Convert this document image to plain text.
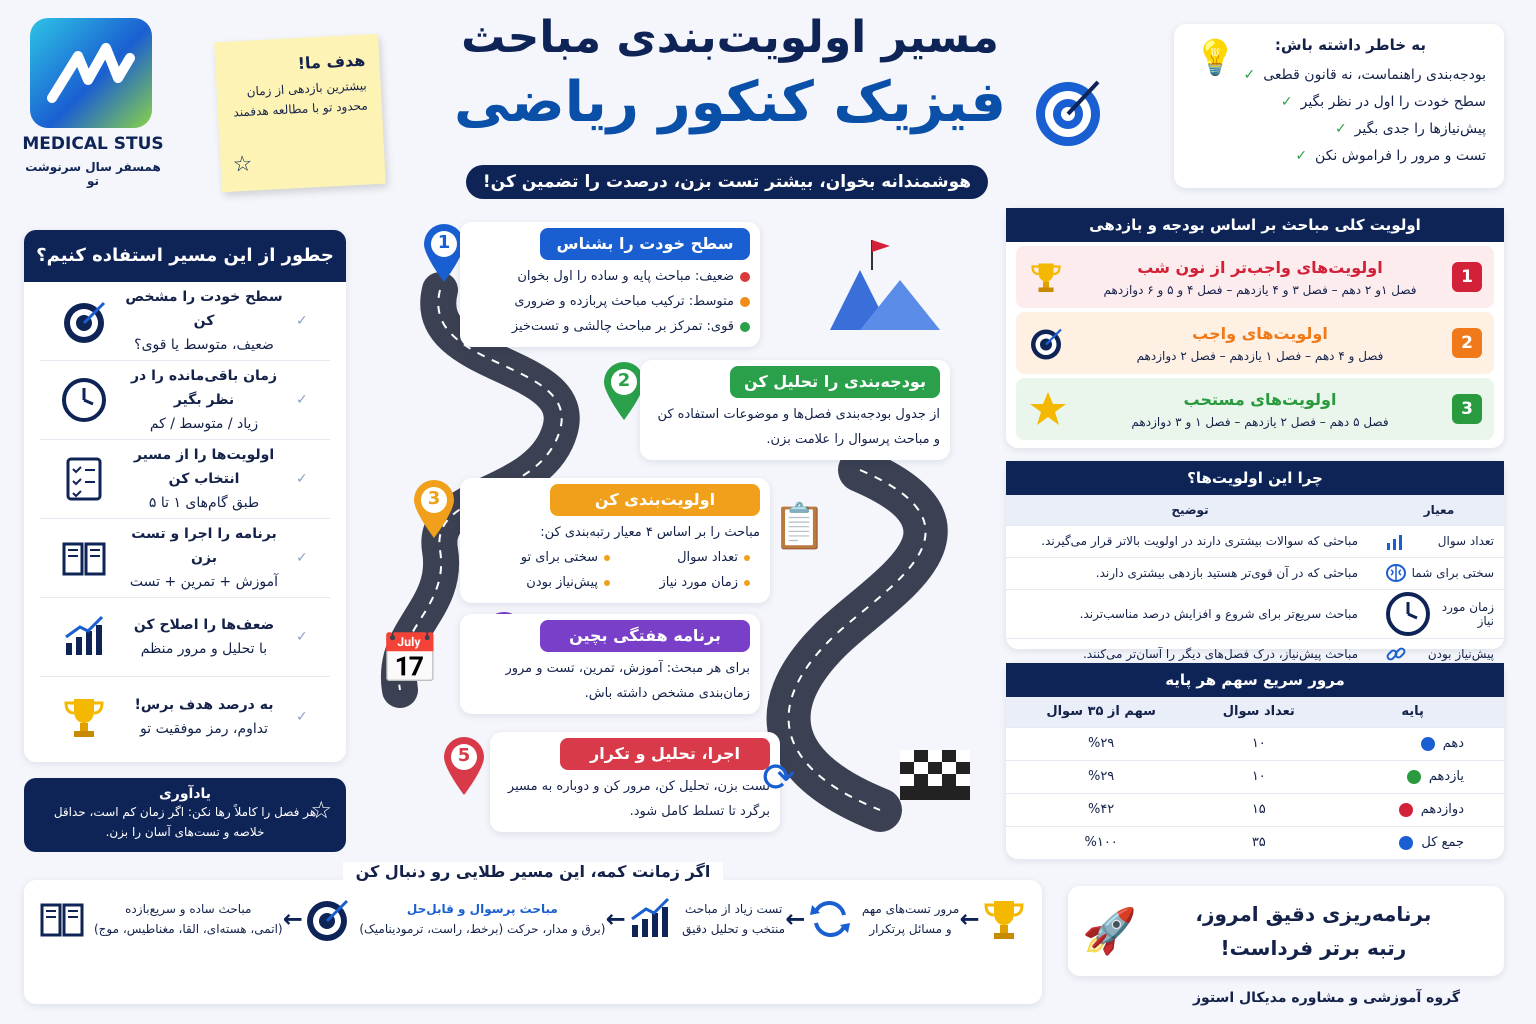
MEDICAL STUS
همسفر سال سرنوشت تو
هدف ما!
بیشترین بازدهی از زمان محدود تو با مطالعه هدفمند
☆
مسیر اولویت‌بندی مباحث
فیزیک کنکور ریاضی
هوشمندانه بخوان، بیشتر تست بزن، درصدت را تضمین کن!
به خاطر داشته باش:
💡 بودجه‌بندی راهنماست، نه قانون قطعی
✓
سطح خودت را اول در نظر بگیر
✓
پیش‌نیازها را جدی بگیر
✓
تست و مرور را فراموش نکن
✓
جطور از این مسیر استفاده کنیم؟
سطح خودت را مشخص کن
ضعیف، متوسط یا قوی؟
✓
زمان باقی‌مانده را در نظر بگیر
زیاد / متوسط / کم
✓
اولویت‌ها را از مسیر انتخاب کن
طبق گام‌های ۱ تا ۵
✓
برنامه را اجرا و تست بزن
آموزش + تمرین + تست
✓
ضعف‌ها را اصلاح کن
با تحلیل و مرور منظم
✓
به درصد هدف برس!
تداوم، رمز موفقیت تو
✓
یادآوری
هر فصل را کاملاً رها نکن: اگر زمان کم است، حداقل خلاصه و تست‌های آسان را بزن.
☆
1	سطح خودت را بشناس
ضعیف: مباحث پایه و ساده را اول بخوان
متوسط: ترکیب مباحث پربازده و ضروری
قوی: تمرکز بر مباحث چالشی و تست‌خیز
2	بودجه‌بندی را تحلیل کن
از جدول بودجه‌بندی فصل‌ها و موضوعات استفاده کن و مباحث پرسوال را علامت بزن.
3	اولویت‌بندی کن
مباحث را بر اساس ۴ معیار رتبه‌بندی کن:
تعداد سوال
سختی برای تو
زمان مورد نیاز
پیش‌نیاز بودن
برنامه هفتگی بچین
برای هر مبحث: آموزش، تمرین، تست و مرور زمان‌بندی مشخص داشته باش.
5	اجرا، تحلیل و تکرار
تست بزن، تحلیل کن، مرور کن و دوباره به مسیر برگرد تا تسلط کامل شود.
📋
📅
⟳
اولویت کلی مباحث بر اساس بودجه و بازدهی
اولویت‌های واجب‌تر از نون شب
فصل ۱و ۲ دهم – فصل ۳ و ۴ یازدهم – فصل ۴ و ۵ و ۶ دوازدهم
1
اولویت‌های واجب
فصل و ۴ دهم – فصل ۱ یازدهم – فصل ۲ دوازدهم
2
اولویت‌های مستحب
فصل ۵ دهم – فصل ۲ یازدهم – فصل ۱ و ۳ دوازدهم
3
چرا این اولویت‌ها؟
معیار	توضیح

تعداد سوال	مباحثی که سوالات بیشتری دارند در اولویت بالاتر قرار می‌گیرند.

سختی برای شما	مباحثی که در آن قوی‌تر هستید بازدهی بیشتری دارند.

زمان مورد نیاز	مباحث سریع‌تر برای شروع و افزایش درصد مناسب‌ترند.

پیش‌نیاز بودن	مباحث پیش‌نیاز، درک فصل‌های دیگر را آسان‌تر می‌کنند.
مرور سریع سهم هر پایه
پایه	تعداد سوال	سهم از ۳۵ سوال
دهم	۱۰	%۲۹
یازدهم	۱۰	%۲۹
دوازدهم	۱۵	%۴۲
جمع کل	۳۵	%۱۰۰
اگر زمانت کمه، این مسیر طلایی رو دنبال کن
مباحث ساده و سریع‌بازده
(اتمی، هسته‌ای، القا، مغناطیس، موج) ←	مباحث پرسوال و قابل‌حل
(برق و مدار، حرکت (برخط، راست، ترمودینامیک) ←	تست زیاد از مباحث
منتخب و تحلیل دقیق ←	مرور تست‌های مهم
و مسائل پرتکرار ←	برنامه‌ریزی دقیق امروز،
رتبه برتر فرداست!
🚀
گروه آموزشی و مشاوره مدیکال استوز
